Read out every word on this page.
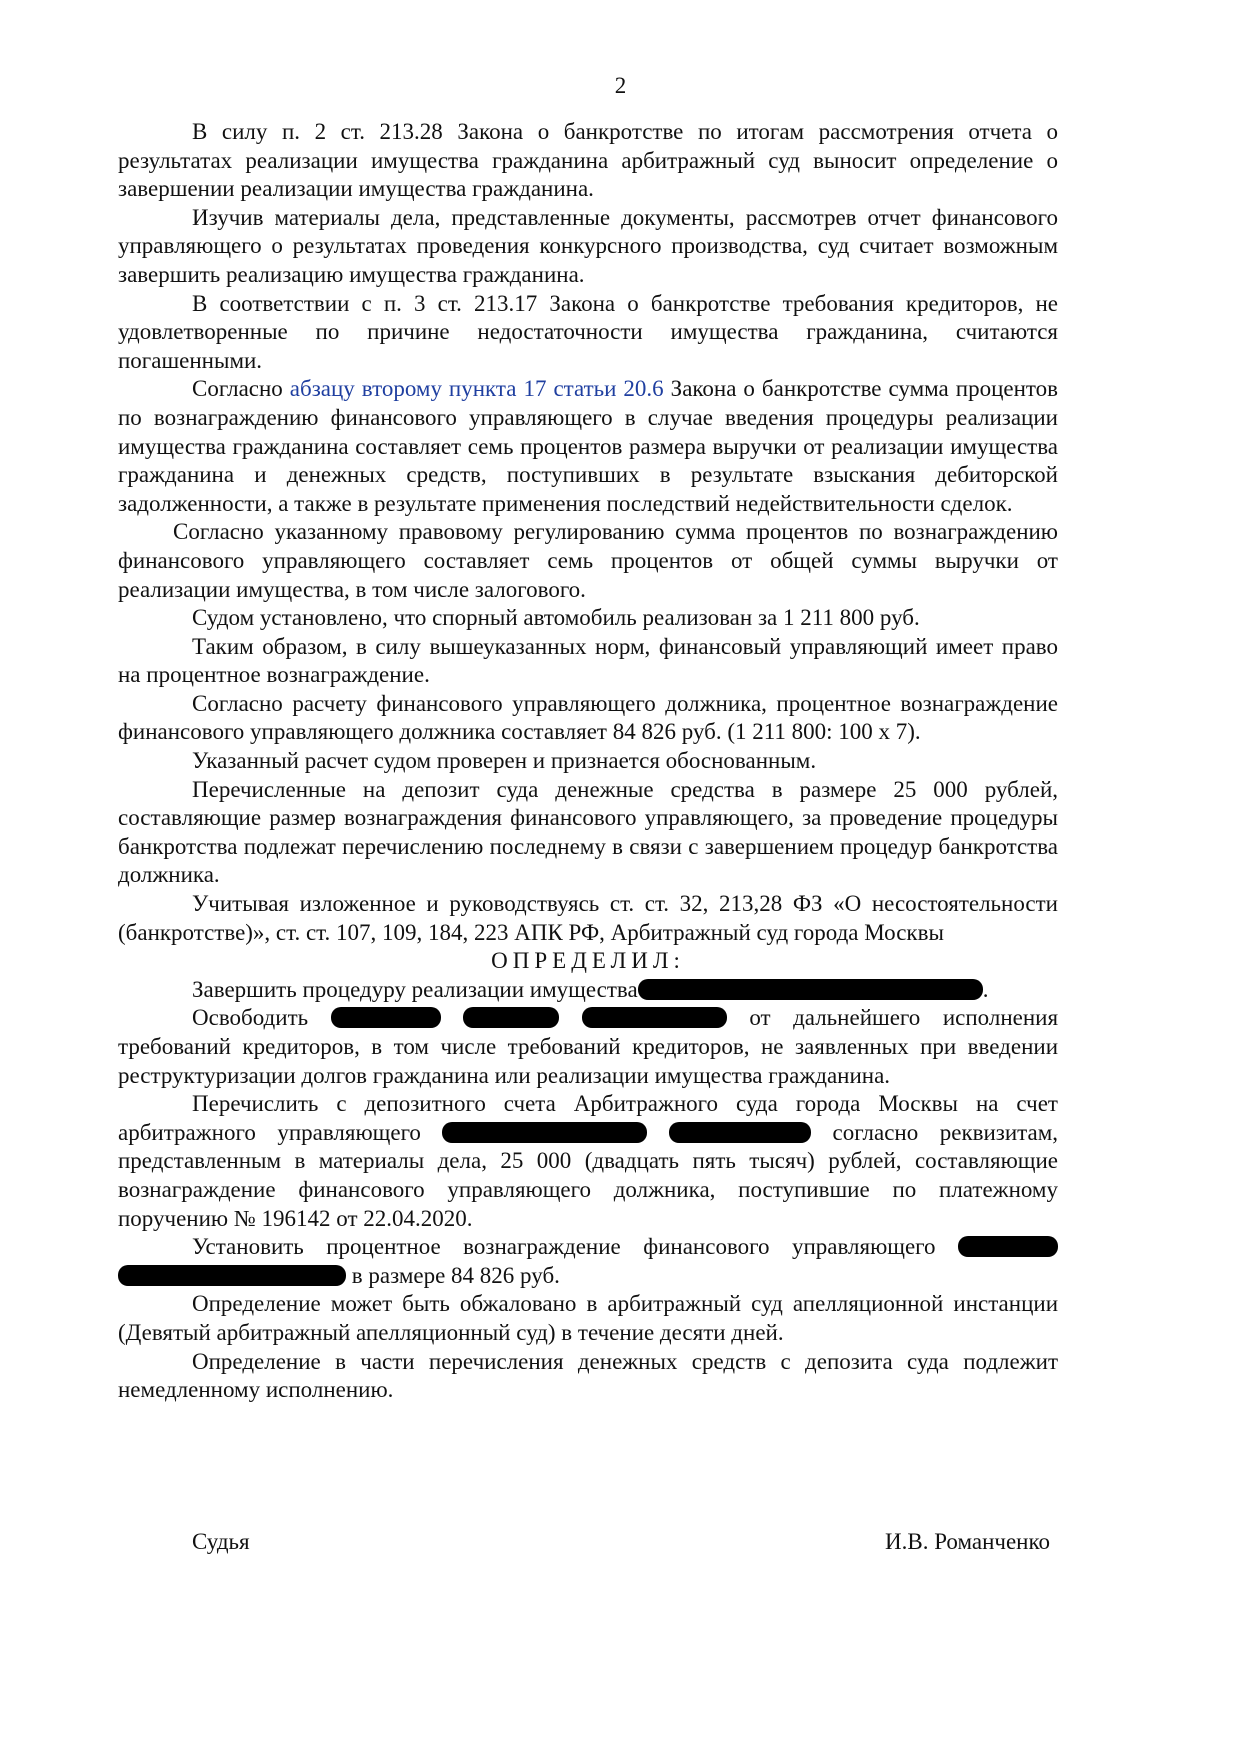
2

В силу п. 2 ст. 213.28 Закона о банкротстве по итогам рассмотрения отчета о результатах реализации имущества гражданина арбитражный суд выносит определение о завершении реализации имущества гражданина.

Изучив материалы дела, представленные документы, рассмотрев отчет финансового управляющего о результатах проведения конкурсного производства, суд считает возможным завершить реализацию имущества гражданина.

В соответствии с п. 3 ст. 213.17 Закона о банкротстве требования кредиторов, не удовлетворенные по причине недостаточности имущества гражданина, считаются погашенными.

Согласно абзацу второму пункта 17 статьи 20.6 Закона о банкротстве сумма процентов по вознаграждению финансового управляющего в случае введения процедуры реализации имущества гражданина составляет семь процентов размера выручки от реализации имущества гражданина и денежных средств, поступивших в результате взыскания дебиторской задолженности, а также в результате применения последствий недействительности сделок.

Согласно указанному правовому регулированию сумма процентов по вознаграждению финансового управляющего составляет семь процентов от общей суммы выручки от реализации имущества, в том числе залогового.

Судом установлено, что спорный автомобиль реализован за 1 211 800 руб.

Таким образом, в силу вышеуказанных норм, финансовый управляющий имеет право на процентное вознаграждение.

Согласно расчету финансового управляющего должника, процентное вознаграждение финансового управляющего должника составляет 84 826 руб. (1 211 800: 100 х 7).

Указанный расчет судом проверен и признается обоснованным.

Перечисленные на депозит суда денежные средства в размере 25 000 рублей, составляющие размер вознаграждения финансового управляющего, за проведение процедуры банкротства подлежат перечислению последнему в связи с завершением процедур банкротства должника.

Учитывая изложенное и руководствуясь ст. ст. 32, 213,28 ФЗ «О несостоятельности (банкротстве)», ст. ст. 107, 109, 184, 223 АПК РФ, Арбитражный суд города Москвы

ОПРЕДЕЛИЛ:

Завершить процедуру реализации имущества	.

Освободить	от дальнейшего исполнения требований кредиторов, в том числе требований кредиторов, не заявленных при введении реструктуризации долгов гражданина или реализации имущества гражданина.

Перечислить с депозитного счета Арбитражного суда города Москвы на счет арбитражного управляющего	согласно реквизитам, представленным в материалы дела, 25 000 (двадцать пять тысяч) рублей, составляющие вознаграждение финансового управляющего должника, поступившие по платежному поручению № 196142 от 22.04.2020.

Установить процентное вознаграждение финансового управляющего   в размере 84 826 руб.

Определение может быть обжаловано в арбитражный суд апелляционной инстанции (Девятый арбитражный апелляционный суд) в течение десяти дней.

Определение в части перечисления денежных средств с депозита суда подлежит немедленному исполнению.

Судья	И.В. Романченко
